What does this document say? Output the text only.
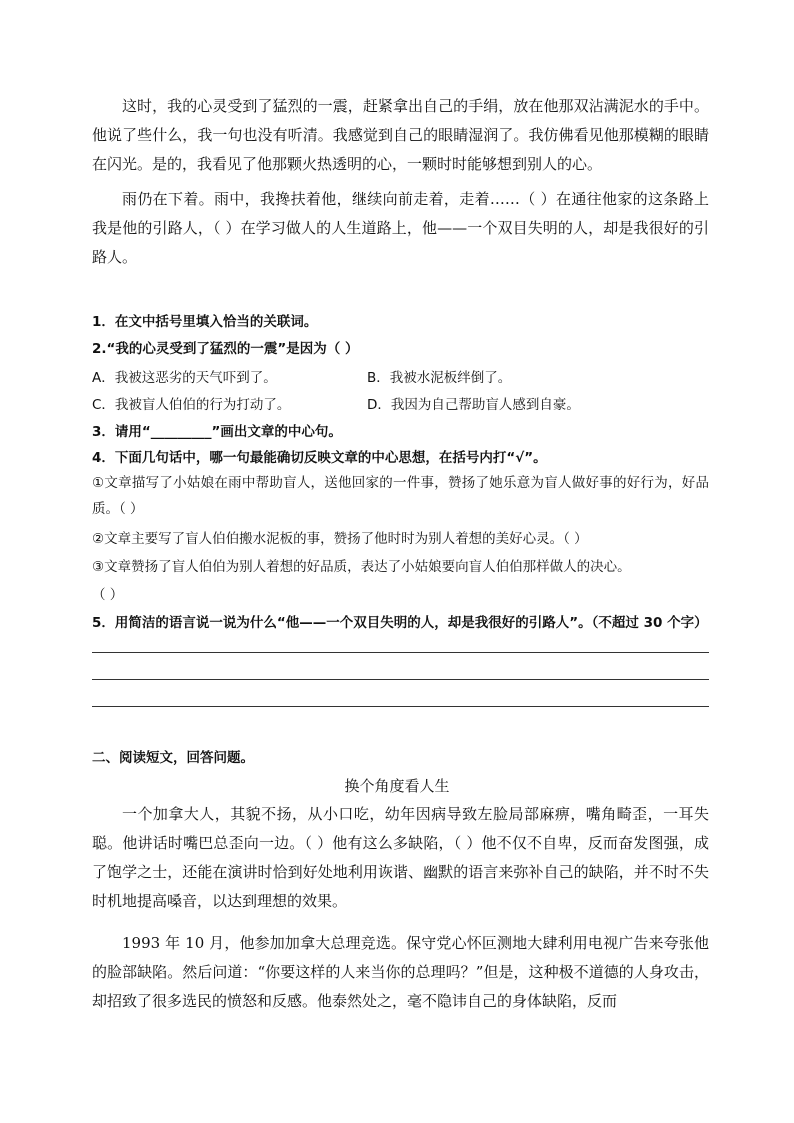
这时，我的心灵受到了猛烈的一震，赶紧拿出自己的手绢，放在他那双沾满泥水的手中。他说了些什么，我一句也没有听清。我感觉到自己的眼睛湿润了。我仿佛看见他那模糊的眼睛在闪光。是的，我看见了他那颗火热透明的心，一颗时时能够想到别人的心。

雨仍在下着。雨中，我搀扶着他，继续向前走着，走着……（ ）在通往他家的这条路上我是他的引路人，（ ）在学习做人的人生道路上，他——一个双目失明的人，却是我很好的引路人。

1．在文中括号里填入恰当的关联词。

2.“我的心灵受到了猛烈的一震”是因为（ ）

A．我被这恶劣的天气吓到了。	B．我被水泥板绊倒了。
C．我被盲人伯伯的行为打动了。	D．我因为自己帮助盲人感到自豪。

3．请用“_________”画出文章的中心句。

4．下面几句话中，哪一句最能确切反映文章的中心思想，在括号内打“√”。

①文章描写了小姑娘在雨中帮助盲人，送他回家的一件事，赞扬了她乐意为盲人做好事的好行为，好品质。（ ）

②文章主要写了盲人伯伯搬水泥板的事，赞扬了他时时为别人着想的美好心灵。（ ）

③文章赞扬了盲人伯伯为别人着想的好品质，表达了小姑娘要向盲人伯伯那样做人的决心。

（ ）

5．用简洁的语言说一说为什么“他——一个双目失明的人，却是我很好的引路人”。（不超过 30 个字）

二、阅读短文，回答问题。

换个角度看人生

一个加拿大人，其貌不扬，从小口吃，幼年因病导致左脸局部麻痹，嘴角畸歪，一耳失聪。他讲话时嘴巴总歪向一边。（ ）他有这么多缺陷，（ ）他不仅不自卑，反而奋发图强，成了饱学之士，还能在演讲时恰到好处地利用诙谐、幽默的语言来弥补自己的缺陷，并不时不失时机地提高嗓音，以达到理想的效果。

1993 年 10 月，他参加加拿大总理竞选。保守党心怀叵测地大肆利用电视广告来夸张他的脸部缺陷。然后问道：“你要这样的人来当你的总理吗？”但是，这种极不道德的人身攻击，却招致了很多选民的愤怒和反感。他泰然处之，毫不隐讳自己的身体缺陷，反而
